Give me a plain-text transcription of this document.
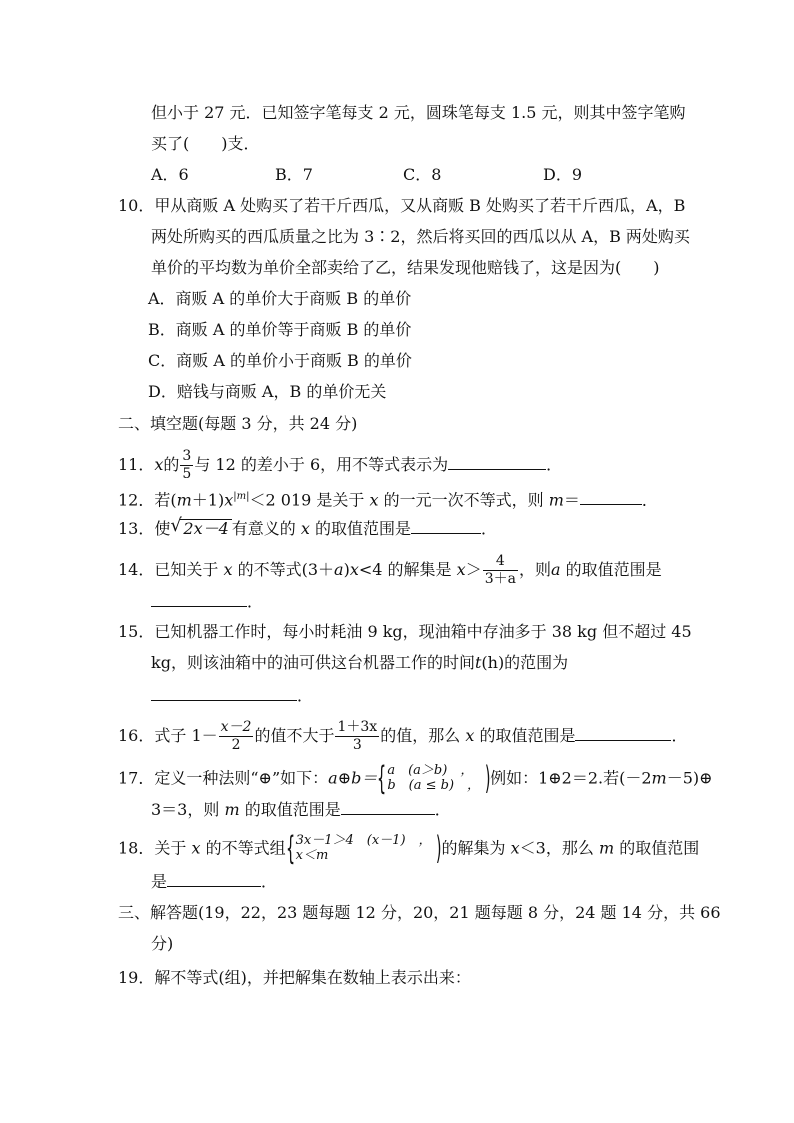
但小于 27 元．已知签字笔每支 2 元，圆珠笔每支 1.5 元，则其中签字笔购
买了(　　)支．
A．6	B．7	C．8	D．9
10．甲从商贩 A 处购买了若干斤西瓜，又从商贩 B 处购买了若干斤西瓜，A，B
两处所购买的西瓜质量之比为 3∶2，然后将买回的西瓜以从 A，B 两处购买
单价的平均数为单价全部卖给了乙，结果发现他赔钱了，这是因为(　　)
A．商贩 A 的单价大于商贩 B 的单价
B．商贩 A 的单价等于商贩 B 的单价
C．商贩 A 的单价小于商贩 B 的单价
D．赔钱与商贩 A，B 的单价无关
二、填空题(每题 3 分，共 24 分)
11．x的 $\frac{3}{5}$ 与 12 的差小于 6，用不等式表示为	．
12．若$(m+1)x^{|m|}<2$ 019 是关于 x 的一元一次不等式，则 m＝	．
13．使 √ 2x－4 有意义的 x 的取值范围是	．
14．已知关于 x 的不等式(3＋a)x<4 的解集是 $x> \frac{4}{3+a}$ ，则a 的取值范围是
．
15．已知机器工作时，每小时耗油 9 kg，现油箱中存油多于 38 kg 但不超过 45
kg，则该油箱中的油可供这台机器工作的时间t(h)的范围为
．
16．式子 $1- \frac{x-2}{2}$ 的值不大于 $\frac{1+3x}{3}$ 的值，那么 x 的取值范围是	．
17．定义一种法则“⊕”如下：a⊕b＝ { a　(a＞b)　，
b　(a ≤ b)　， ) 例如：1⊕2＝2.若(－2m－5)⊕
3＝3，则 m 的取值范围是	．
18．关于 x 的不等式组 { 3x－1＞4　(x－1)　，
x＜m	) 的解集为 x＜3，那么 m 的取值范围
是	．
三、解答题(19，22，23 题每题 12 分，20，21 题每题 8 分，24 题 14 分，共 66
分)
19．解不等式(组)，并把解集在数轴上表示出来：
